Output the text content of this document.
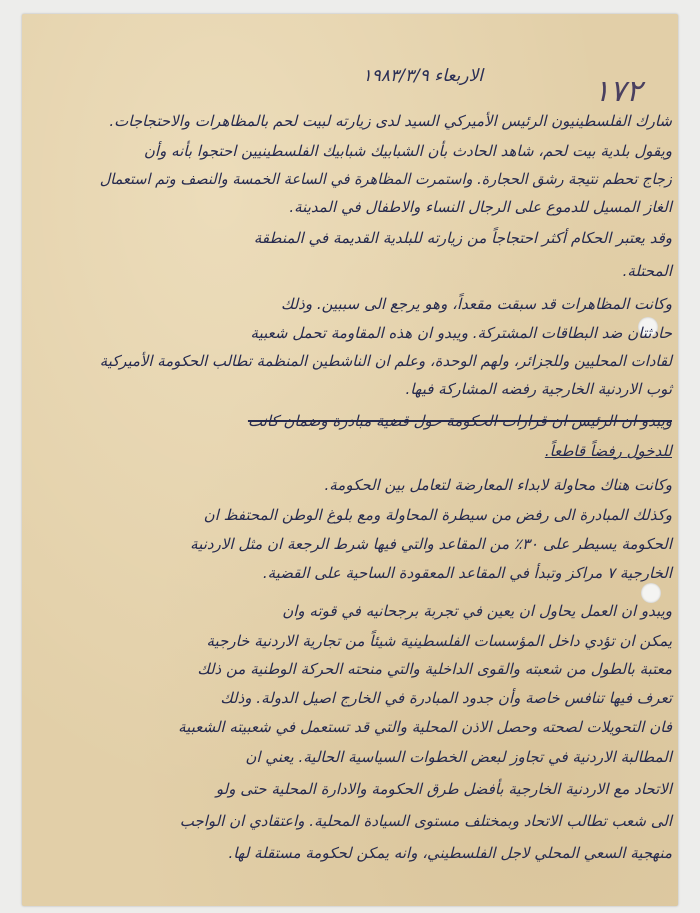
١٧٢
الاربعاء ١٩٨٣/٣/٩
شارك الفلسطينيون الرئيس الأميركي السيد لدى زيارته لبيت لحم بالمظاهرات والاحتجاجات.
ويقول بلدية بيت لحم، شاهد الحادث بأن الشبابيك شبابيك الفلسطينيين احتجوا بأنه وأن
زجاج تحطم نتيجة رشق الحجارة. واستمرت المظاهرة في الساعة الخمسة والنصف وتم استعمال
الغاز المسيل للدموع على الرجال النساء والاطفال في المدينة.
وقد يعتبر الحكام أكثر احتجاجاً من زيارته للبلدية القديمة في المنطقة
المحتلة.
وكانت المظاهرات قد سبقت مقعداً، وهو يرجع الى سببين. وذلك
حادثتان ضد البطاقات المشتركة. ويبدو ان هذه المقاومة تحمل شعبية
لقادات المحليين وللجزائر، ولهم الوحدة، وعلم ان الناشطين المنظمة تطالب الحكومة الأميركية
ثوب الاردنية الخارجية رفضه المشاركة فيها.
ويبدو ان الرئيس ان قرارات الحكومة حول قضية مبادرة وضمان كانت
للدخول رفضاً قاطعاً.
وكانت هناك محاولة لابداء المعارضة لتعامل بين الحكومة.
وكذلك المبادرة الى رفض من سيطرة المحاولة ومع بلوغ الوطن المحتفظ ان
الحكومة يسيطر على ٣٠٪ من المقاعد والتي فيها شرط الرجعة ان مثل الاردنية
الخارجية ٧ مراكز وتبدأ في المقاعد المعقودة الساحية على القضية.
ويبدو ان العمل يحاول ان يعين في تجربة برجحانيه في قوته وان
يمكن ان تؤدي داخل المؤسسات الفلسطينية شيئاً من تجارية الاردنية خارجية
معتبة بالطول من شعبته والقوى الداخلية والتي منحته الحركة الوطنية من ذلك
تعرف فيها تنافس خاصة وأن جدود المبادرة في الخارج اصيل الدولة. وذلك
فان التحويلات لصحته وحصل الاذن المحلية والتي قد تستعمل في شعبيته الشعبية
المطالبة الاردنية في تجاوز لبعض الخطوات السياسية الحالية. يعني ان
الاتحاد مع الاردنية الخارجية بأفضل طرق الحكومة والادارة المحلية حتى ولو
الى شعب تطالب الاتحاد وبمختلف مستوى السيادة المحلية. واعتقادي ان الواجب
منهجية السعي المحلي لاجل الفلسطيني، وانه يمكن لحكومة مستقلة لها.
